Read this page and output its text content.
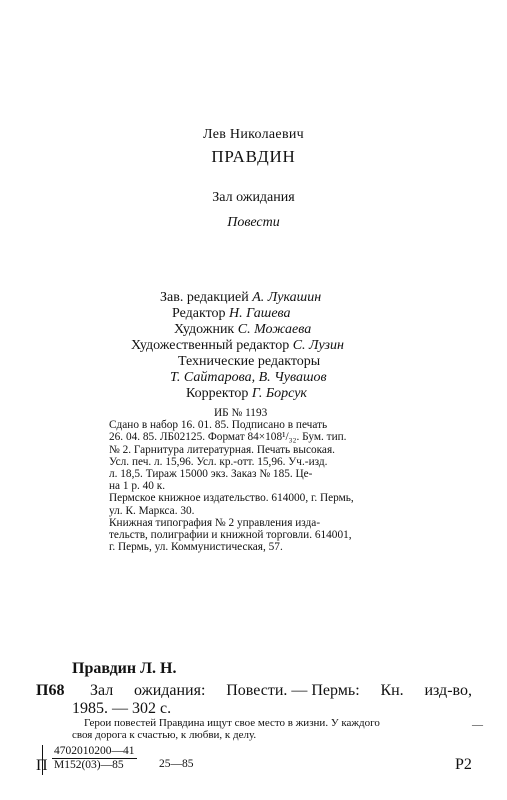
Лев Николаевич
ПРАВДИН
Зал ожидания
Повести
Зав. редакцией А. Лукашин
Редактор Н. Гашева
Художник С. Можаева
Художественный редактор С. Лузин
Технические редакторы
Т. Сайтарова, В. Чувашов
Корректор Г. Борсук
ИБ № 1193
Сдано в набор 16. 01. 85. Подписано в печать
26. 04. 85. ЛБ02125. Формат 84×108¹/₃₂. Бум. тип.
№ 2. Гарнитура литературная. Печать высокая.
Усл. печ. л. 15,96. Усл. кр.-отт. 15,96. Уч.-изд.
л. 18,5. Тираж 15000 экз. Заказ № 185. Це-
на 1 р. 40 к.
Пермское книжное издательство. 614000, г. Пермь,
ул. К. Маркса. 30.
Книжная типография № 2 управления изда-
тельств, полиграфии и книжной торговли. 614001,
г. Пермь, ул. Коммунистическая, 57.
Правдин Л. Н.
П68 Зал ожидания: Повести. — Пермь: Кн. изд-во,
1985. — 302 с.
Герои повестей Правдина ищут свое место в жизни. У каждого
своя дорога к счастью, к любви, к делу.
—
П
4702010200—41
М152(03)—85	25—85	Р2
